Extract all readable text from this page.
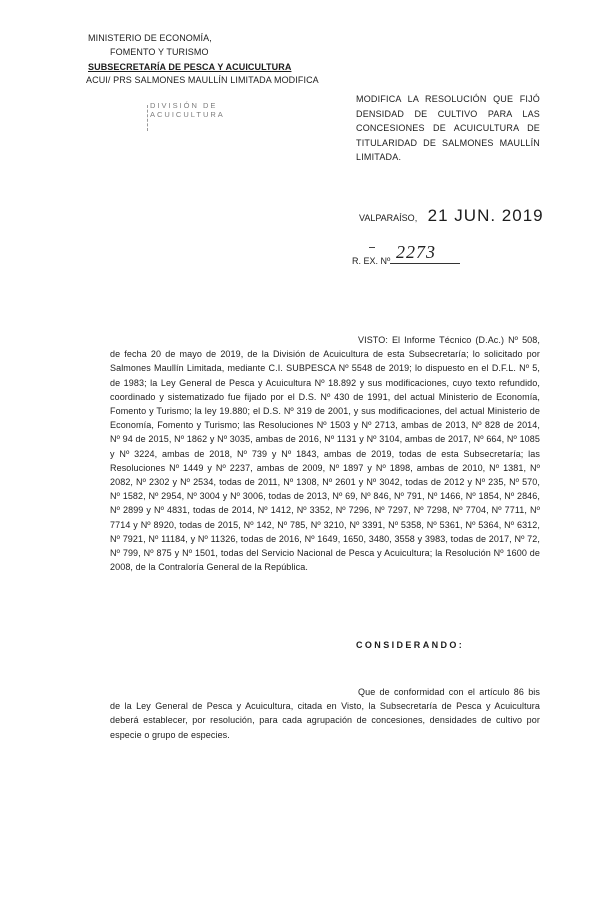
MINISTERIO DE ECONOMÍA,
FOMENTO Y TURISMO
SUBSECRETARÍA DE PESCA Y ACUICULTURA
ACUI/ PRS SALMONES MAULLÍN LIMITADA MODIFICA
DIVISIÓN DE
ACUICULTURA
MODIFICA LA RESOLUCIÓN QUE FIJÓ DENSIDAD DE CULTIVO PARA LAS CONCESIONES DE ACUICULTURA DE TITULARIDAD DE SALMONES MAULLÍN LIMITADA.
VALPARAÍSO, 21 JUN. 2019
R. EX. Nº 2273
VISTO: El Informe Técnico (D.Ac.) Nº 508, de fecha 20 de mayo de 2019, de la División de Acuicultura de esta Subsecretaría; lo solicitado por Salmones Maullín Limitada, mediante C.I. SUBPESCA Nº 5548 de 2019; lo dispuesto en el D.F.L. Nº 5, de 1983; la Ley General de Pesca y Acuicultura Nº 18.892 y sus modificaciones, cuyo texto refundido, coordinado y sistematizado fue fijado por el D.S. Nº 430 de 1991, del actual Ministerio de Economía, Fomento y Turismo; la ley 19.880; el D.S. Nº 319 de 2001, y sus modificaciones, del actual Ministerio de Economía, Fomento y Turismo; las Resoluciones Nº 1503 y Nº 2713, ambas de 2013, Nº 828 de 2014, Nº 94 de 2015, Nº 1862 y Nº 3035, ambas de 2016, Nº 1131 y Nº 3104, ambas de 2017, Nº 664, Nº 1085 y Nº 3224, ambas de 2018, Nº 739 y Nº 1843, ambas de 2019, todas de esta Subsecretaría; las Resoluciones Nº 1449 y Nº 2237, ambas de 2009, Nº 1897 y Nº 1898, ambas de 2010, Nº 1381, Nº 2082, Nº 2302 y Nº 2534, todas de 2011, Nº 1308, Nº 2601 y Nº 3042, todas de 2012 y Nº 235, Nº 570, Nº 1582, Nº 2954, Nº 3004 y Nº 3006, todas de 2013, Nº 69, Nº 846, Nº 791, Nº 1466, Nº 1854, Nº 2846, Nº 2899 y Nº 4831, todas de 2014, Nº 1412, Nº 3352, Nº 7296, Nº 7297, Nº 7298, Nº 7704, Nº 7711, Nº 7714 y Nº 8920, todas de 2015, Nº 142, Nº 785, Nº 3210, Nº 3391, Nº 5358, Nº 5361, Nº 5364, Nº 6312, Nº 7921, Nº 11184, y Nº 11326, todas de 2016, Nº 1649, 1650, 3480, 3558 y 3983, todas de 2017, Nº 72, Nº 799, Nº 875 y Nº 1501, todas del Servicio Nacional de Pesca y Acuicultura; la Resolución Nº 1600 de 2008, de la Contraloría General de la República.
CONSIDERANDO:
Que de conformidad con el artículo 86 bis de la Ley General de Pesca y Acuicultura, citada en Visto, la Subsecretaría de Pesca y Acuicultura deberá establecer, por resolución, para cada agrupación de concesiones, densidades de cultivo por especie o grupo de especies.
